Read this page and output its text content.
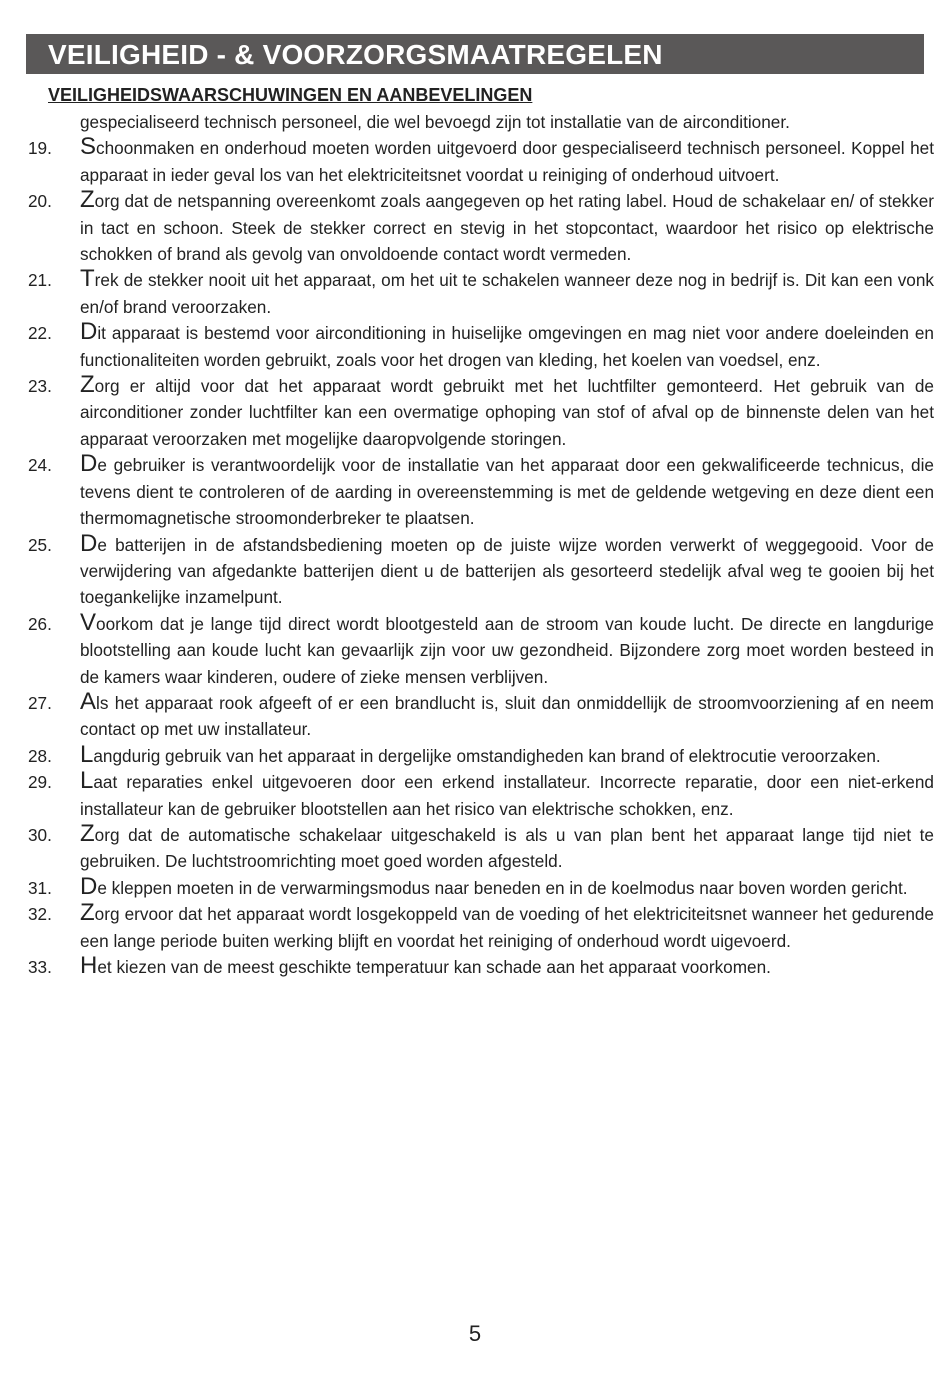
VEILIGHEID - & VOORZORGSMAATREGELEN
VEILIGHEIDSWAARSCHUWINGEN EN AANBEVELINGEN
gespecialiseerd technisch personeel, die wel bevoegd zijn tot installatie van de airconditioner.
19.	Schoonmaken en onderhoud moeten worden uitgevoerd door gespecialiseerd technisch personeel. Koppel het apparaat in ieder geval los van het elektriciteitsnet voordat u reiniging of onderhoud uitvoert.
20.	Zorg dat de netspanning overeenkomt zoals aangegeven op het rating label. Houd de schakelaar en/ of stekker in tact en schoon. Steek de stekker correct en stevig in het stopcontact, waardoor het risico op elektrische schokken of brand als gevolg van onvoldoende contact wordt vermeden.
21.	Trek de stekker nooit uit het apparaat, om het uit te schakelen wanneer deze nog in bedrijf is. Dit kan een vonk en/of brand veroorzaken.
22.	Dit apparaat is bestemd voor airconditioning in huiselijke omgevingen en mag niet voor andere doeleinden en functionaliteiten worden gebruikt, zoals voor het drogen van kleding, het koelen van voedsel, enz.
23.	Zorg er altijd voor dat het apparaat wordt gebruikt met het luchtfilter gemonteerd. Het gebruik van de airconditioner zonder luchtfilter kan een overmatige ophoping van stof of afval op de binnenste delen van het apparaat veroorzaken met mogelijke daaropvolgende storingen.
24.	De gebruiker is verantwoordelijk voor de installatie van het apparaat door een gekwalificeerde technicus, die tevens dient te controleren of de aarding in overeenstemming is met de geldende wetgeving en deze dient een thermomagnetische stroomonderbreker te plaatsen.
25.	De batterijen in de afstandsbediening moeten op de juiste wijze worden verwerkt of weggegooid. Voor de verwijdering van afgedankte batterijen dient u de batterijen als gesorteerd stedelijk afval weg te gooien bij het toegankelijke inzamelpunt.
26.	Voorkom dat je lange tijd direct wordt blootgesteld aan de stroom van koude lucht. De directe en langdurige blootstelling aan koude lucht kan gevaarlijk zijn voor uw gezondheid. Bijzondere zorg moet worden besteed in de kamers waar kinderen, oudere of zieke mensen verblijven.
27.	Als het apparaat rook afgeeft of er een brandlucht is, sluit dan onmiddellijk de stroomvoorziening af en neem contact op met uw installateur.
28.	Langdurig gebruik van het apparaat in dergelijke omstandigheden kan brand of elektrocutie veroorzaken.
29.	Laat reparaties enkel uitgevoeren door een erkend installateur. Incorrecte reparatie, door een niet-erkend installateur kan de gebruiker blootstellen aan het risico van elektrische schokken, enz.
30.	Zorg dat de automatische schakelaar uitgeschakeld is als u van plan bent het apparaat lange tijd niet te gebruiken. De luchtstroomrichting moet goed worden afgesteld.
31.	De kleppen moeten in de verwarmingsmodus naar beneden en in de koelmodus naar boven worden gericht.
32.	Zorg ervoor dat het apparaat wordt losgekoppeld van de voeding of het elektriciteitsnet wanneer het gedurende een lange periode buiten werking blijft en voordat het reiniging of onderhoud wordt uigevoerd.
33.	Het kiezen van de meest geschikte temperatuur kan schade aan het apparaat voorkomen.
5
